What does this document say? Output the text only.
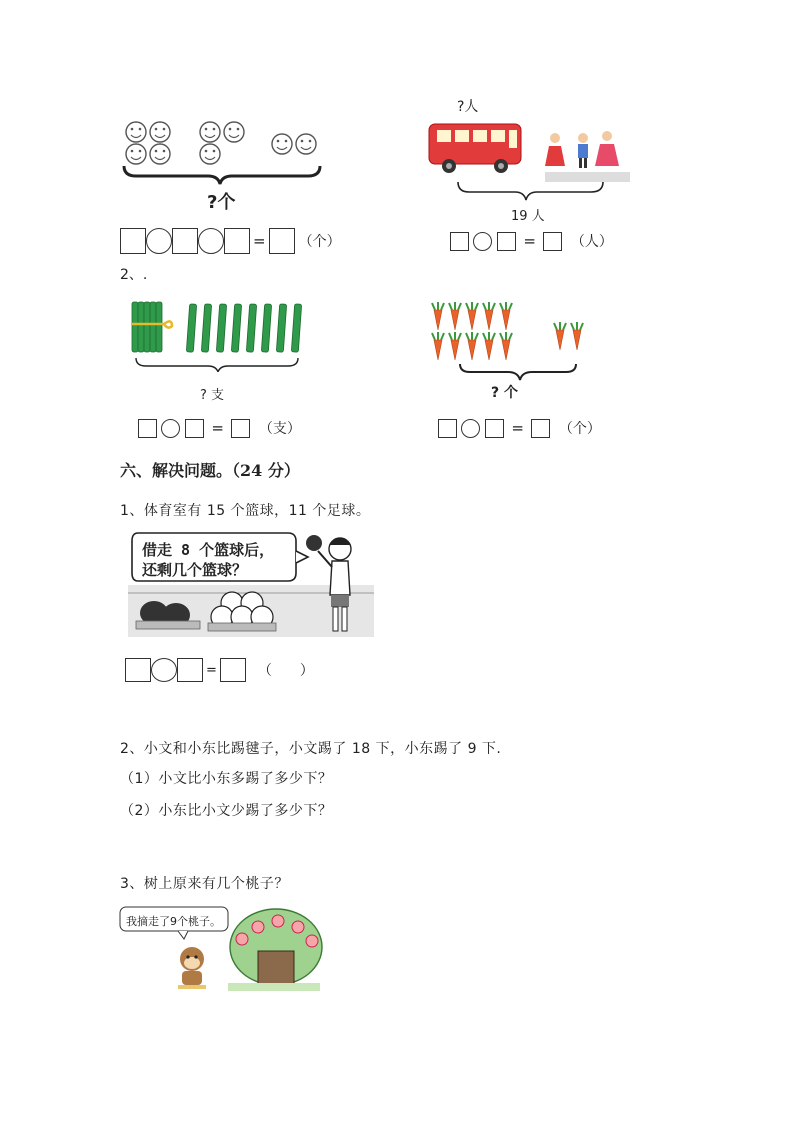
?个
= （个）
?人
19 人
= （人）
2、.
? 支
= （支）
? 个
= （个）
六、解决问题。（24 分）
1、体育室有 15 个篮球，11 个足球。
借走 8 个篮球后，
还剩几个篮球？
=	（　　）
2、小文和小东比踢毽子，小文踢了 18 下，小东踢了 9 下.
（1）小文比小东多踢了多少下？
（2）小东比小文少踢了多少下？
3、树上原来有几个桃子？
我摘走了9个桃子。
